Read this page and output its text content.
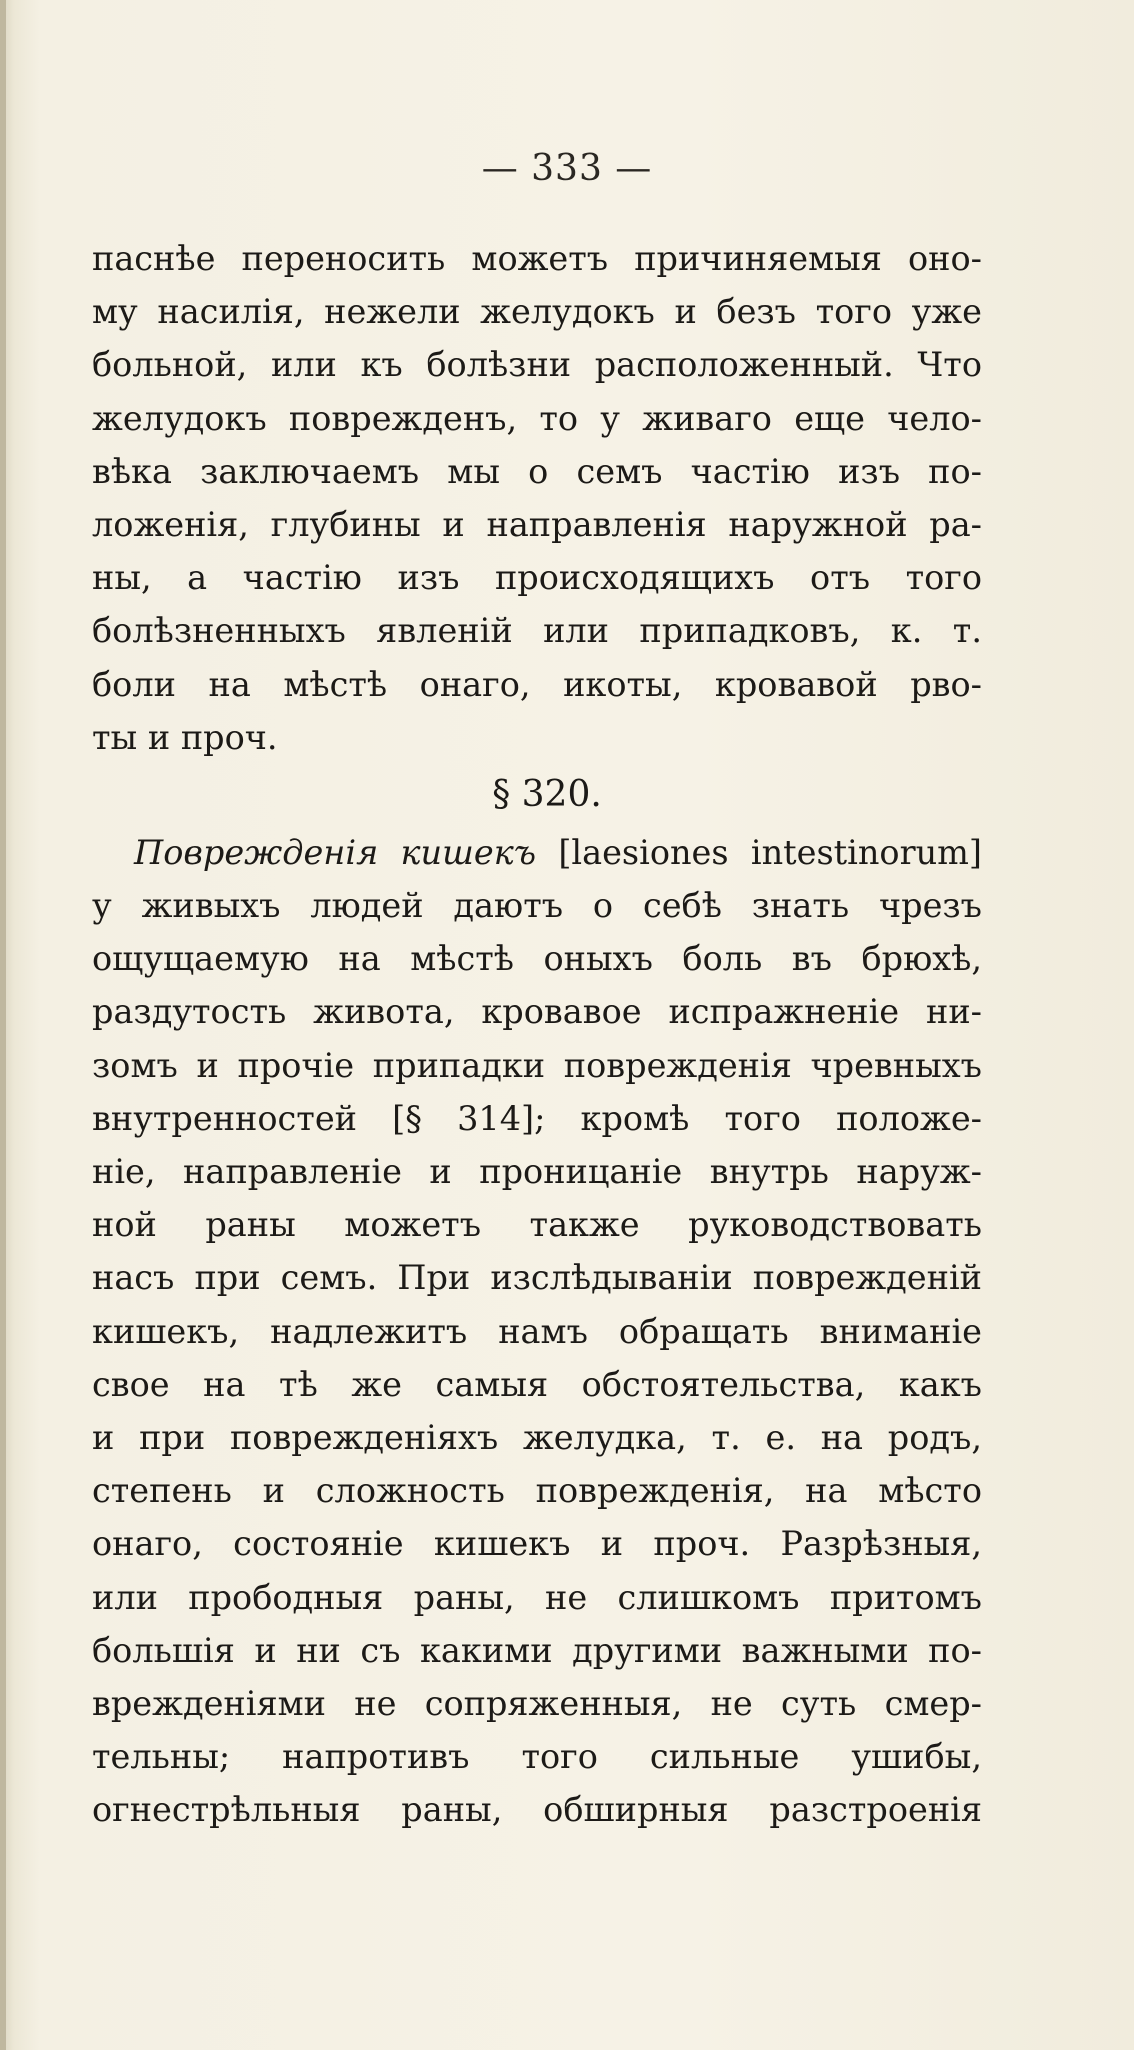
— 333 —
паснѣе переносить можетъ причиняемыя оно-
му насилія, нежели желудокъ и безъ того уже
больной, или къ болѣзни расположенный. Что
желудокъ поврежденъ, то у живаго еще чело-
вѣка заключаемъ мы о семъ частію изъ по-
ложенія, глубины и направленія наружной ра-
ны, а частію изъ происходящихъ отъ того
болѣзненныхъ явленій или припадковъ, к. т.
боли на мѣстѣ онаго, икоты, кровавой рво-
ты и проч.
§ 320.
Поврежденія кишекъ [laesiones intestinorum]
у живыхъ людей даютъ о себѣ знать чрезъ
ощущаемую на мѣстѣ оныхъ боль въ брюхѣ,
раздутость живота, кровавое испражненіе ни-
зомъ и прочіе припадки поврежденія чревныхъ
внутренностей [§ 314]; кромѣ того положе-
ніе, направленіе и проницаніе внутрь наруж-
ной раны можетъ также руководствовать
насъ при семъ. При изслѣдываніи поврежденій
кишекъ, надлежитъ намъ обращать вниманіе
свое на тѣ же самыя обстоятельства, какъ
и при поврежденіяхъ желудка, т. е. на родъ,
степень и сложность поврежденія, на мѣсто
онаго, состояніе кишекъ и проч. Разрѣзныя,
или прободныя раны, не слишкомъ притомъ
большія и ни съ какими другими важными по-
врежденіями не сопряженныя, не суть смер-
тельны; напротивъ того сильные ушибы,
огнестрѣльныя раны, обширныя разстроенія
